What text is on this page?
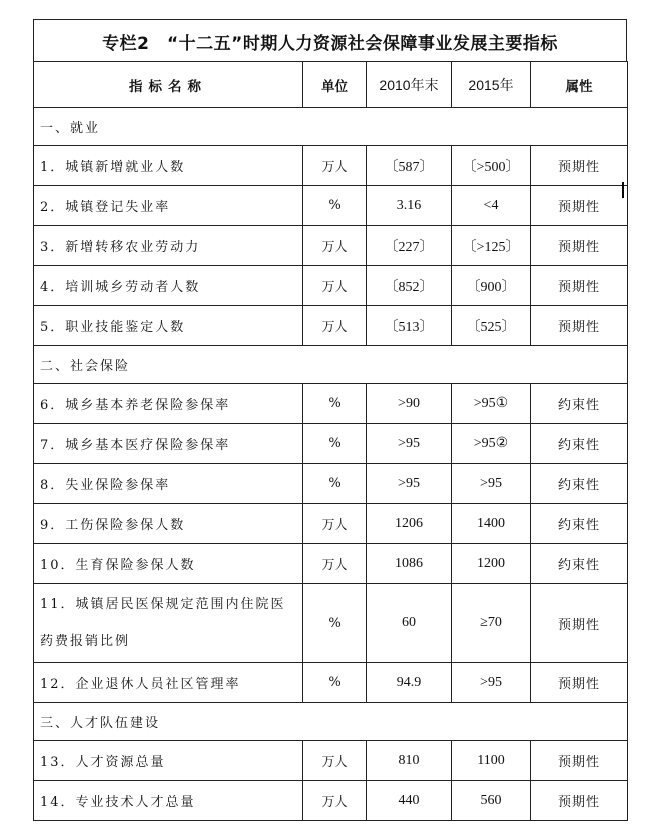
专栏2　“十二五”时期人力资源社会保障事业发展主要指标
指标名称	单位	2010年末	2015年	属性
一、就业				
1．城镇新增就业人数	万人	〔587〕	〔>500〕	预期性
2．城镇登记失业率	%	3.16	<4	预期性
3．新增转移农业劳动力	万人	〔227〕	〔>125〕	预期性
4．培训城乡劳动者人数	万人	〔852〕	〔900〕	预期性
5．职业技能鉴定人数	万人	〔513〕	〔525〕	预期性
二、社会保险				
6．城乡基本养老保险参保率	%	>90	>95①	约束性
7．城乡基本医疗保险参保率	%	>95	>95②	约束性
8．失业保险参保率	%	>95	>95	约束性
9．工伤保险参保人数	万人	1206	1400	约束性
10．生育保险参保人数	万人	1086	1200	约束性

11．城镇居民医保规定范围内住院医
药费报销比例	%	60	≥70	预期性
12．企业退休人员社区管理率	%	94.9	>95	预期性
三、人才队伍建设				
13．人才资源总量	万人	810	1100	预期性
14．专业技术人才总量	万人	440	560	预期性
